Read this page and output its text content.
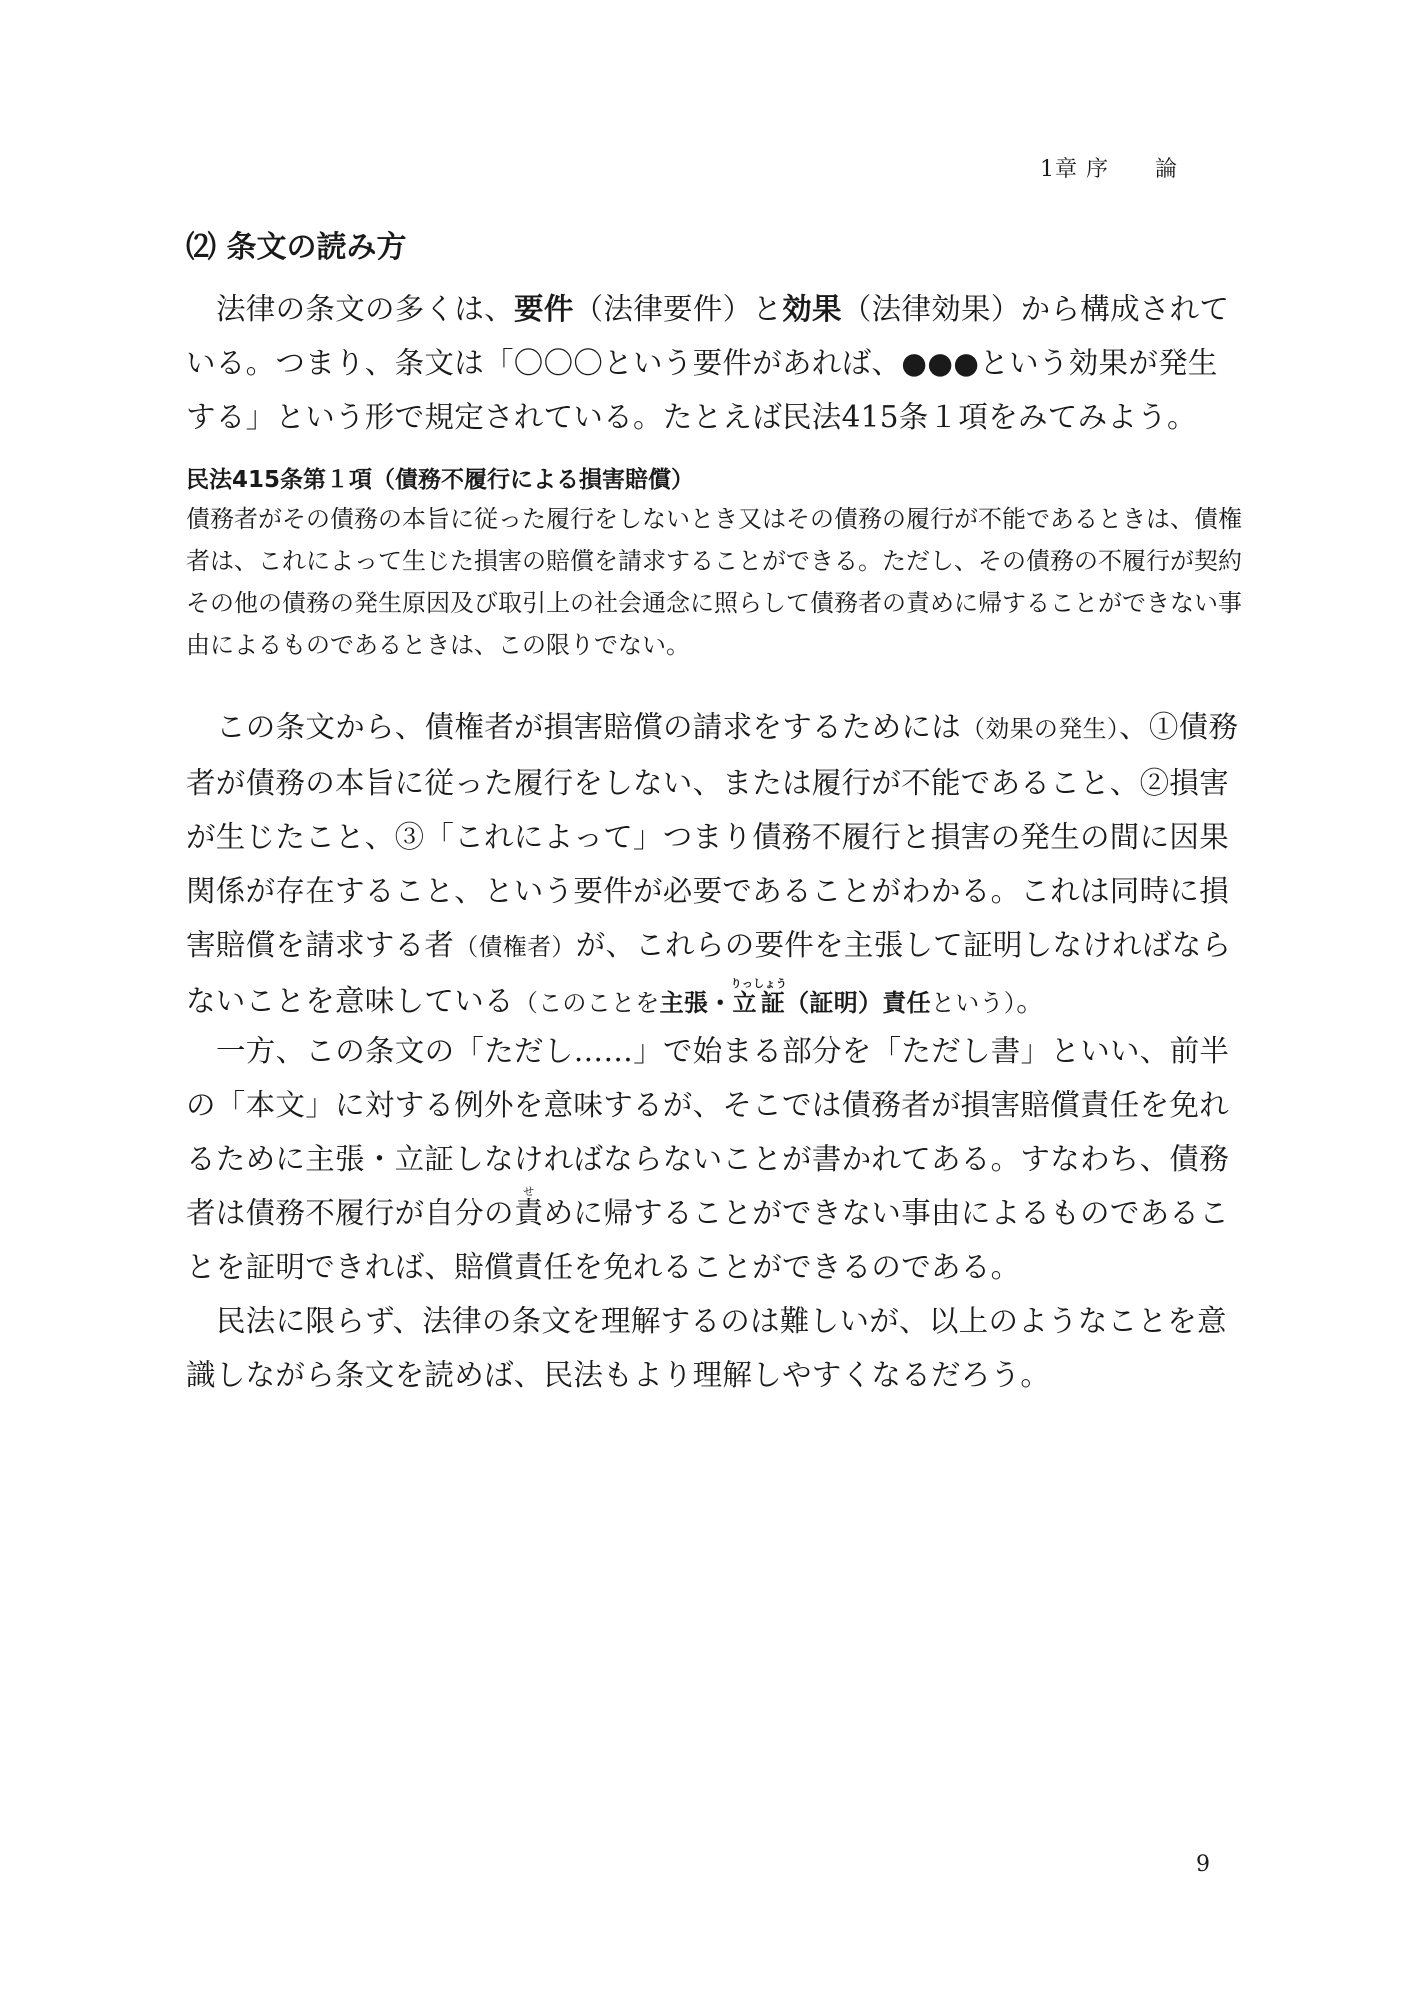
1章 序　　論
⑵ 条文の読み方
法律の条文の多くは、要件（法律要件）と効果（法律効果）から構成されている。つまり、条文は「〇〇〇という要件があれば、●●●という効果が発生する」という形で規定されている。たとえば民法415条１項をみてみよう。
民法415条第１項（債務不履行による損害賠償）
債務者がその債務の本旨に従った履行をしないとき又はその債務の履行が不能であるときは、債権者は、これによって生じた損害の賠償を請求することができる。ただし、その債務の不履行が契約その他の債務の発生原因及び取引上の社会通念に照らして債務者の責めに帰することができない事由によるものであるときは、この限りでない。
この条文から、債権者が損害賠償の請求をするためには（効果の発生）、①債務者が債務の本旨に従った履行をしない、または履行が不能であること、②損害が生じたこと、③「これによって」つまり債務不履行と損害の発生の間に因果関係が存在すること、という要件が必要であることがわかる。これは同時に損害賠償を請求する者（債権者）が、これらの要件を主張して証明しなければならないことを意味している（このことを主張・立証りっしょう（証明）責任という）。
一方、この条文の「ただし……」で始まる部分を「ただし書」といい、前半の「本文」に対する例外を意味するが、そこでは債務者が損害賠償責任を免れるために主張・立証しなければならないことが書かれてある。すなわち、債務者は債務不履行が自分の責せめに帰することができない事由によるものであることを証明できれば、賠償責任を免れることができるのである。
民法に限らず、法律の条文を理解するのは難しいが、以上のようなことを意識しながら条文を読めば、民法もより理解しやすくなるだろう。
9
